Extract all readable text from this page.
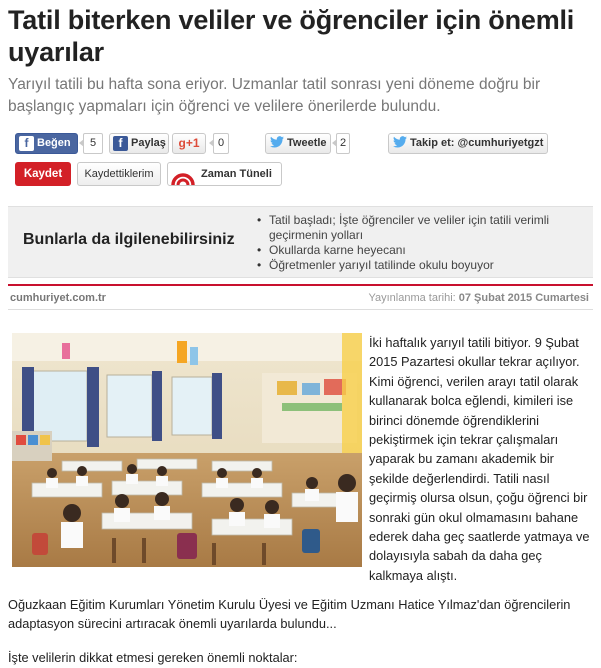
Tatil biterken veliler ve öğrenciler için önemli uyarılar

Yarıyıl tatili bu hafta sona eriyor. Uzmanlar tatil sonrası yeni döneme doğru bir başlangıç yapmaları için öğrenci ve velilere önerilerde bulundu.

f Beğen	5	f Paylaş	g+1	0	Tweetle	2	Takip et: @cumhuriyetgzt
Kaydet	Kaydettiklerim	Zaman Tüneli
Bunlarla da ilgilenebilirsiniz
• Tatil başladı; İşte öğrenciler ve veliler için tatili verimli geçirmenin yolları
• Okullarda karne heyecanı
• Öğretmenler yarıyıl tatilinde okulu boyuyor
cumhuriyet.com.tr	Yayınlanma tarihi: 07 Şubat 2015 Cumartesi

İki haftalık yarıyıl tatili bitiyor. 9 Şubat 2015 Pazartesi okullar tekrar açılıyor. Kimi öğrenci, verilen arayı tatil olarak kullanarak bolca eğlendi, kimileri ise birinci dönemde öğrendiklerini pekiştirmek için tekrar çalışmaları yaparak bu zamanı akademik bir şekilde değerlendirdi. Tatili nasıl geçirmiş olursa olsun, çoğu öğrenci bir sonraki gün okul olmamasını bahane ederek daha geç saatlerde yatmaya ve dolayısıyla sabah da daha geç kalkmaya alıştı.

Oğuzkaan Eğitim Kurumları Yönetim Kurulu Üyesi ve Eğitim Uzmanı Hatice Yılmaz'dan öğrencilerin adaptasyon sürecini artıracak önemli uyarılarda bulundu...

İşte velilerin dikkat etmesi gereken önemli noktalar:
